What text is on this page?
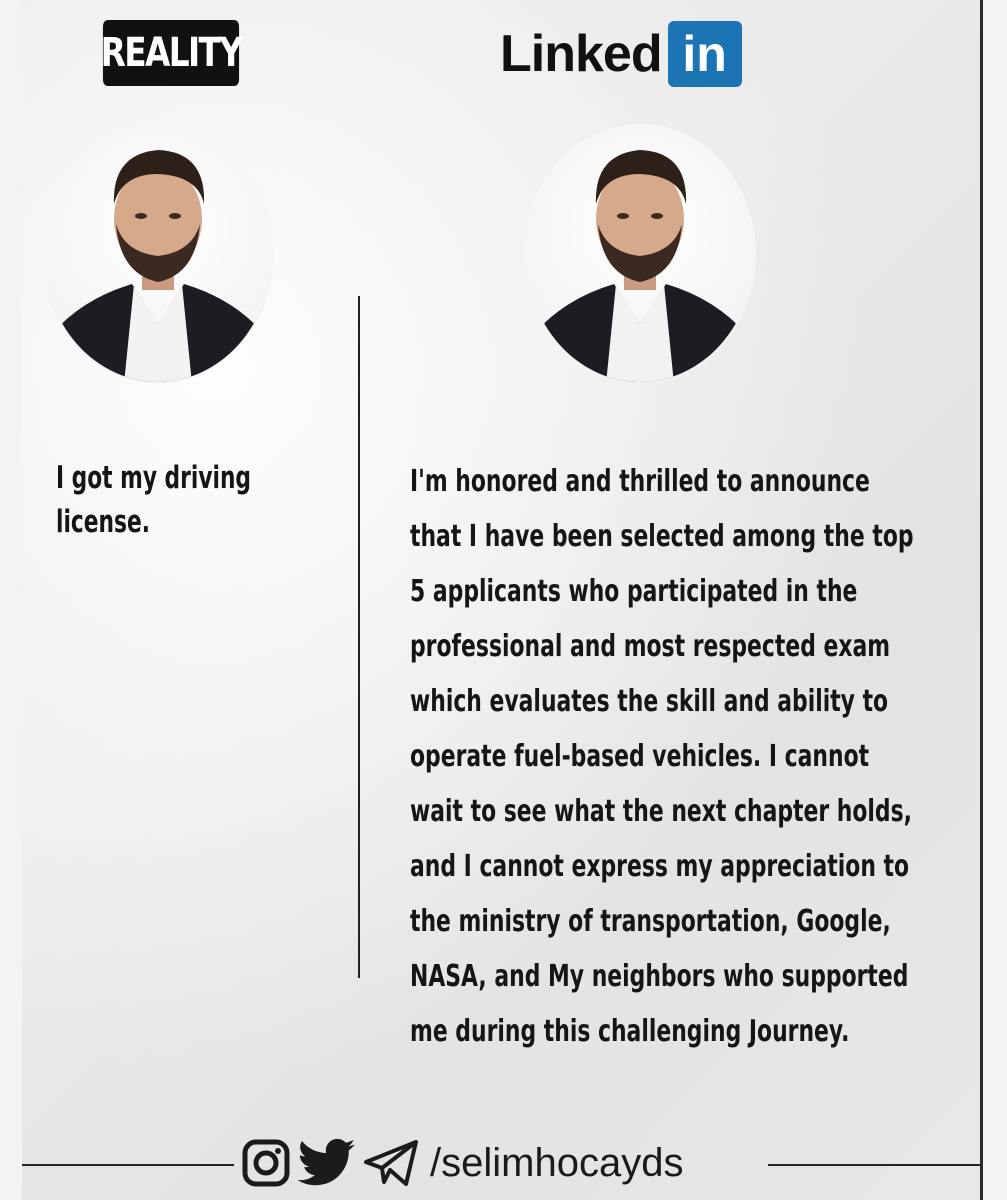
REALITY	Linked in
I got my driving
license.
I'm honored and thrilled to announce
that I have been selected among the top
5 applicants who participated in the
professional and most respected exam
which evaluates the skill and ability to
operate fuel-based vehicles. I cannot
wait to see what the next chapter holds,
and I cannot express my appreciation to
the ministry of transportation, Google,
NASA, and My neighbors who supported
me during this challenging Journey.
/selimhocayds
